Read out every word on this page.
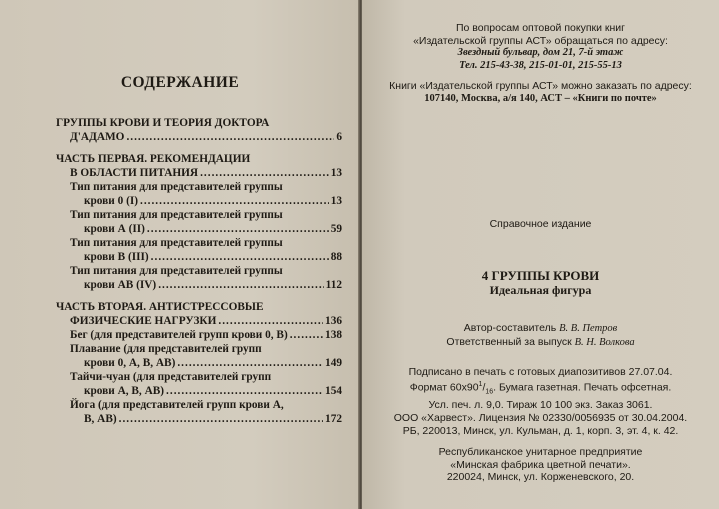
СОДЕРЖАНИЕ
ГРУППЫ КРОВИ И ТЕОРИЯ ДОКТОРА
Д'АДАМО .....	6
ЧАСТЬ ПЕРВАЯ. РЕКОМЕНДАЦИИ
В ОБЛАСТИ ПИТАНИЯ .....	13
Тип питания для представителей группы
крови 0 (I) .....	13
Тип питания для представителей группы
крови А (II) .....	59
Тип питания для представителей группы
крови В (III) .....	88
Тип питания для представителей группы
крови АВ (IV) .....	112
ЧАСТЬ ВТОРАЯ. АНТИСТРЕССОВЫЕ
ФИЗИЧЕСКИЕ НАГРУЗКИ .....	136
Бег (для представителей групп крови 0, В) .....	138
Плавание (для представителей групп
крови 0, А, В, АВ) .....	149
Тайчи-чуан (для представителей групп
крови А, В, АВ) .....	154
Йога (для представителей групп крови А,
В, АВ) .....	172
По вопросам оптовой покупки книг
«Издательской группы АСТ» обращаться по адресу:
Звездный бульвар, дом 21, 7-й этаж
Тел. 215-43-38, 215-01-01, 215-55-13
Книги «Издательской группы АСТ» можно заказать по адресу:
107140, Москва, а/я 140, АСТ – «Книги по почте»
Справочное издание
4 ГРУППЫ КРОВИ
Идеальная фигура
Автор-составитель В. В. Петров
Ответственный за выпуск В. Н. Волкова
Подписано в печать с готовых диапозитивов 27.07.04.
Формат $60х90^1/_{16}$. Бумага газетная. Печать офсетная.
Усл. печ. л. 9,0. Тираж 10 100 экз. Заказ 3061.
ООО «Харвест». Лицензия № 02330/0056935 от 30.04.2004.
РБ, 220013, Минск, ул. Кульман, д. 1, корп. 3, эт. 4, к. 42.
Республиканское унитарное предприятие
«Минская фабрика цветной печати».
220024, Минск, ул. Корженевского, 20.
